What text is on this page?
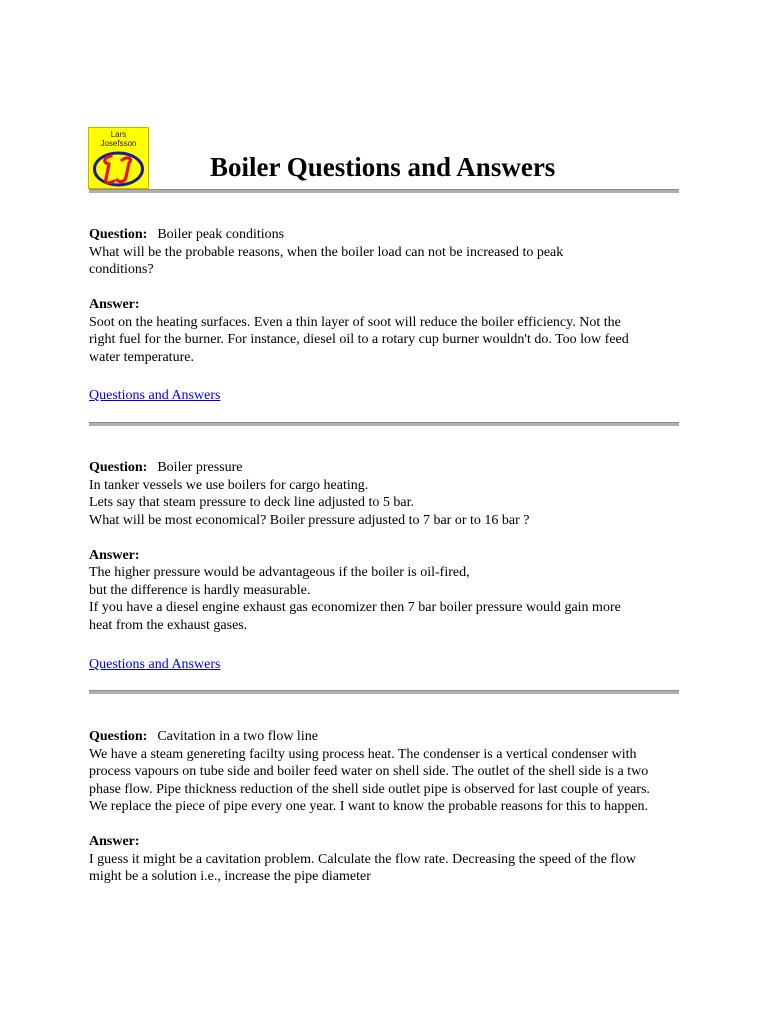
Lars
Josefsson
Boiler Questions and Answers
Question: Boiler peak conditions

What will be the probable reasons, when the boiler load can not be increased to peak conditions?

Answer:

Soot on the heating surfaces. Even a thin layer of soot will reduce the boiler efficiency. Not the right fuel for the burner. For instance, diesel oil to a rotary cup burner wouldn't do. Too low feed water temperature.

Questions and Answers
Question: Boiler pressure
In tanker vessels we use boilers for cargo heating.
Lets say that steam pressure to deck line adjusted to 5 bar.
What will be most economical? Boiler pressure adjusted to 7 bar or to 16 bar ?
Answer:
The higher pressure would be advantageous if the boiler is oil-fired,
but the difference is hardly measurable.

If you have a diesel engine exhaust gas economizer then 7 bar boiler pressure would gain more heat from the exhaust gases.

Questions and Answers
Question: Cavitation in a two flow line

We have a steam genereting facilty using process heat. The condenser is a vertical condenser with process vapours on tube side and boiler feed water on shell side. The outlet of the shell side is a two phase flow. Pipe thickness reduction of the shell side outlet pipe is observed for last couple of years. We replace the piece of pipe every one year. I want to know the probable reasons for this to happen.

Answer:

I guess it might be a cavitation problem. Calculate the flow rate. Decreasing the speed of the flow might be a solution i.e., increase the pipe diameter
